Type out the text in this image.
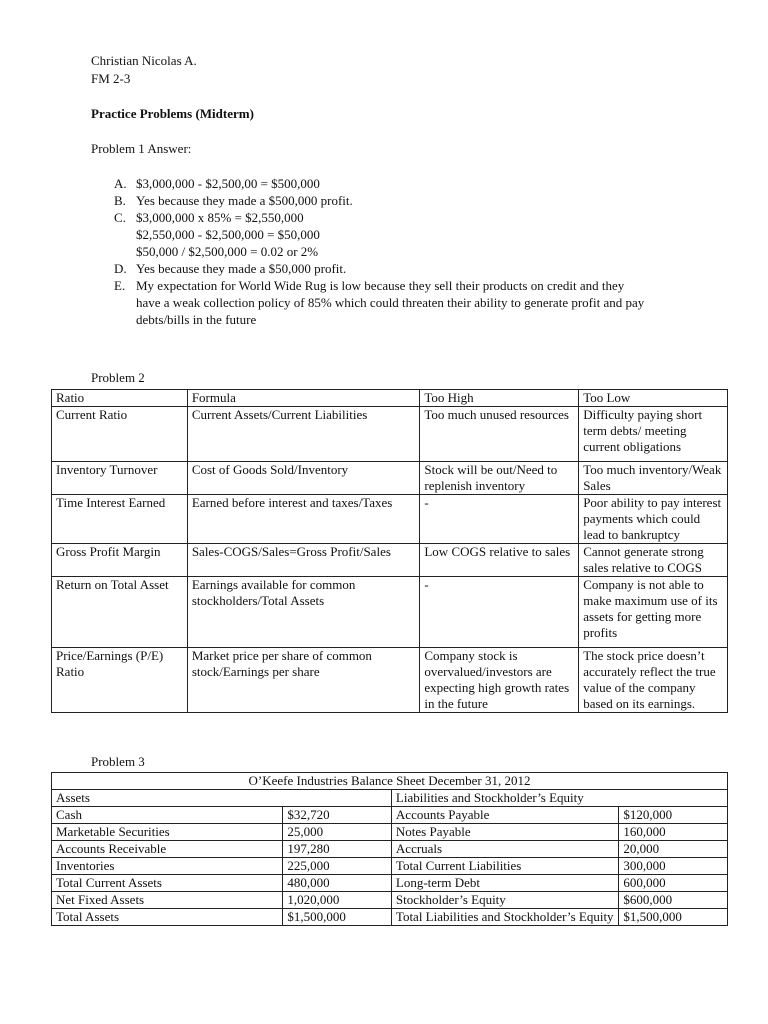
Christian Nicolas A.
FM 2-3
Practice Problems (Midterm)
Problem 1 Answer:
A. $3,000,000 - $2,500,00 = $500,000
B. Yes because they made a $500,000 profit.
C. $3,000,000 x 85% = $2,550,000
$2,550,000 - $2,500,000 = $50,000
$50,000 / $2,500,000 = 0.02 or 2%
D. Yes because they made a $50,000 profit.
E. My expectation for World Wide Rug is low because they sell their products on credit and they
have a weak collection policy of 85% which could threaten their ability to generate profit and pay
debts/bills in the future
Problem 2
Ratio	Formula	Too High	Too Low
Current Ratio	Current Assets/Current Liabilities	Too much unused resources	Difficulty paying short term debts/ meeting current obligations
Inventory Turnover	Cost of Goods Sold/Inventory	Stock will be out/Need to replenish inventory	Too much inventory/Weak Sales
Time Interest Earned	Earned before interest and taxes/Taxes	-	Poor ability to pay interest payments which could lead to bankruptcy
Gross Profit Margin	Sales-COGS/Sales=Gross Profit/Sales	Low COGS relative to sales	Cannot generate strong sales relative to COGS
Return on Total Asset	Earnings available for common stockholders/Total Assets	-	Company is not able to make maximum use of its assets for getting more profits
Price/Earnings (P/E) Ratio	Market price per share of common stock/Earnings per share	Company stock is overvalued/investors are expecting high growth rates in the future	The stock price doesn’t accurately reflect the true value of the company based on its earnings.
Problem 3
O’Keefe Industries Balance Sheet December 31, 2012			
Assets		Liabilities and Stockholder’s Equity	
Cash	$32,720	Accounts Payable	$120,000
Marketable Securities	25,000	Notes Payable	160,000
Accounts Receivable	197,280	Accruals	20,000
Inventories	225,000	Total Current Liabilities	300,000
Total Current Assets	480,000	Long-term Debt	600,000
Net Fixed Assets	1,020,000	Stockholder’s Equity	$600,000
Total Assets	$1,500,000	Total Liabilities and Stockholder’s Equity	$1,500,000
